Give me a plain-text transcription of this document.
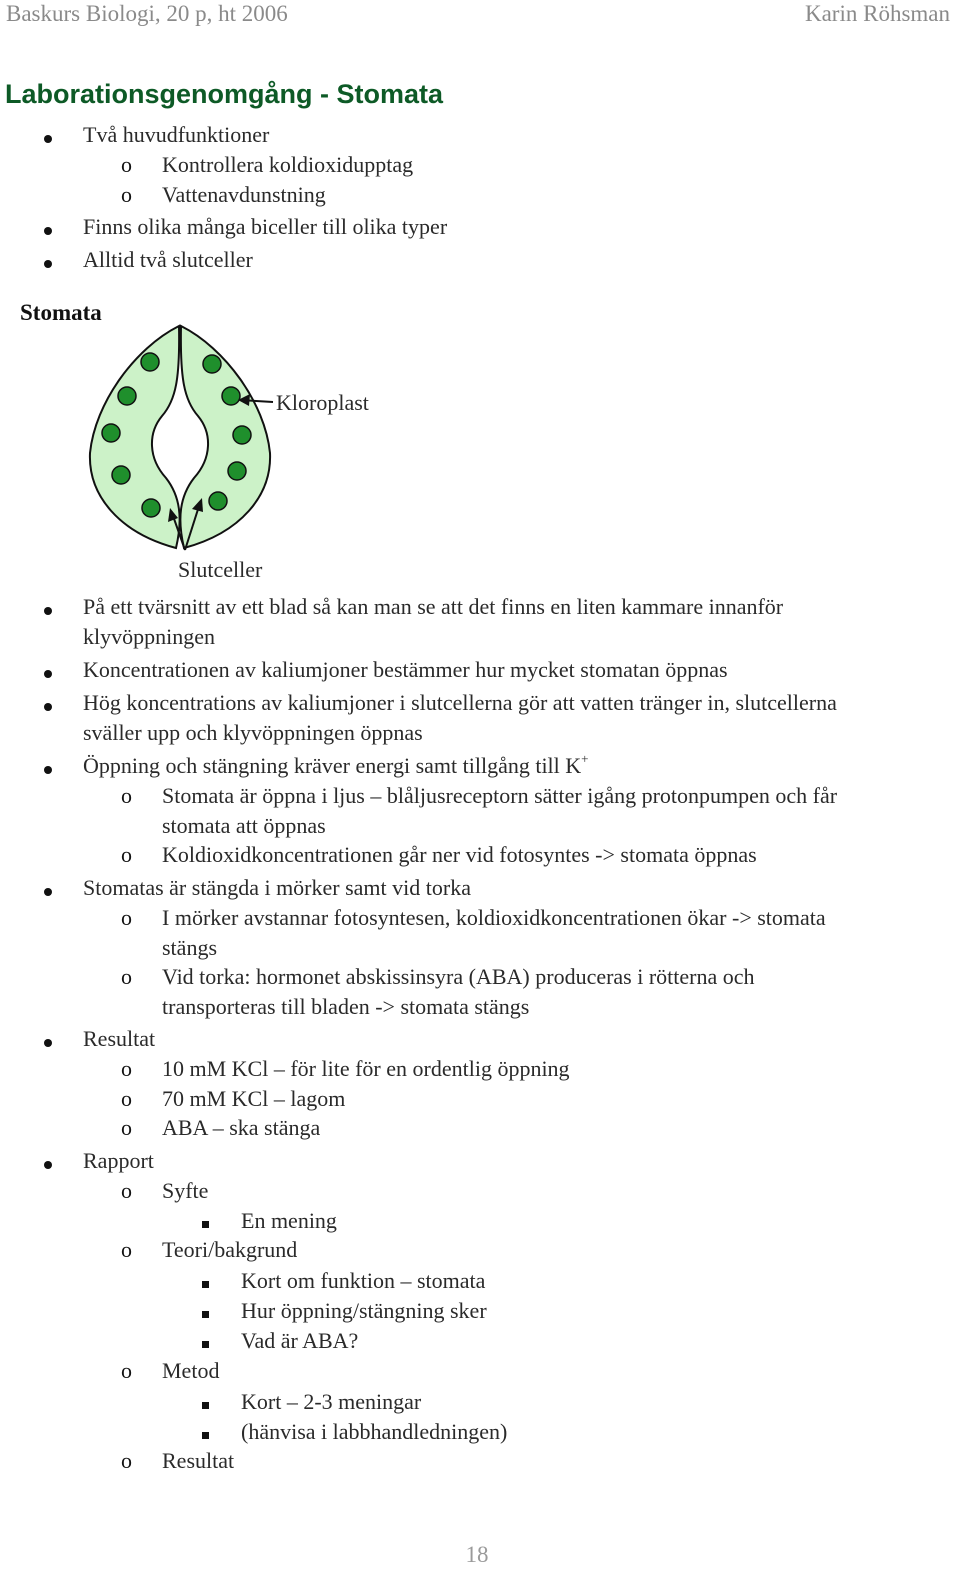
Baskurs Biologi, 20 p, ht 2006	Karin Röhsman
Laborationsgenomgång - Stomata
Två huvudfunktioner
o Kontrollera koldioxidupptag
o Vattenavdunstning
Finns olika många biceller till olika typer
Alltid två slutceller
Stomata
Kloroplast
Slutceller
På ett tvärsnitt av ett blad så kan man se att det finns en liten kammare innanför
klyvöppningen
Koncentrationen av kaliumjoner bestämmer hur mycket stomatan öppnas
Hög koncentrations av kaliumjoner i slutcellerna gör att vatten tränger in, slutcellerna
sväller upp och klyvöppningen öppnas
Öppning och stängning kräver energi samt tillgång till K+
o Stomata är öppna i ljus – blåljusreceptorn sätter igång protonpumpen och får
stomata att öppnas
o Koldioxidkoncentrationen går ner vid fotosyntes -> stomata öppnas
Stomatas är stängda i mörker samt vid torka
o I mörker avstannar fotosyntesen, koldioxidkoncentrationen ökar -> stomata
stängs
o Vid torka: hormonet abskissinsyra (ABA) produceras i rötterna och
transporteras till bladen -> stomata stängs
Resultat
o 10 mM KCl – för lite för en ordentlig öppning
o 70 mM KCl – lagom
o ABA – ska stänga
Rapport
o Syfte
En mening
o Teori/bakgrund
Kort om funktion – stomata
Hur öppning/stängning sker
Vad är ABA?
o Metod
Kort – 2-3 meningar
(hänvisa i labbhandledningen)
o Resultat
18
